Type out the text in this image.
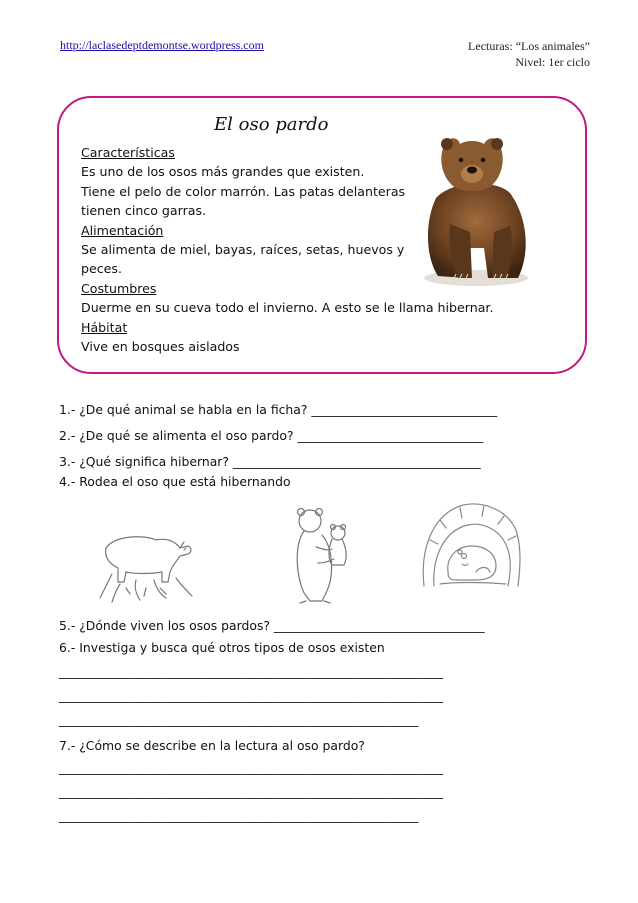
http://laclasedeptdemontse.wordpress.com	Lecturas: “Los animales”
Nivel: 1er ciclo
El oso pardo
Características
Es uno de los osos más grandes que existen.
Tiene el pelo de color marrón. Las patas delanteras
tienen cinco garras.
Alimentación
Se alimenta de miel, bayas, raíces, setas, huevos y
peces.
Costumbres
Duerme en su cueva todo el invierno. A esto se le llama hibernar.
Hábitat
Vive en bosques aislados
1.- ¿De qué animal se habla en la ficha? ______________________________
2.- ¿De qué se alimenta el oso pardo? ______________________________
3.- ¿Qué significa hibernar? ________________________________________
4.- Rodea el oso que está hibernando
5.- ¿Dónde viven los osos pardos? __________________________________
6.- Investiga y busca qué otros tipos de osos existen
______________________________________________________________
______________________________________________________________
__________________________________________________________
7.- ¿Cómo se describe en la lectura al oso pardo?
______________________________________________________________
______________________________________________________________
__________________________________________________________
